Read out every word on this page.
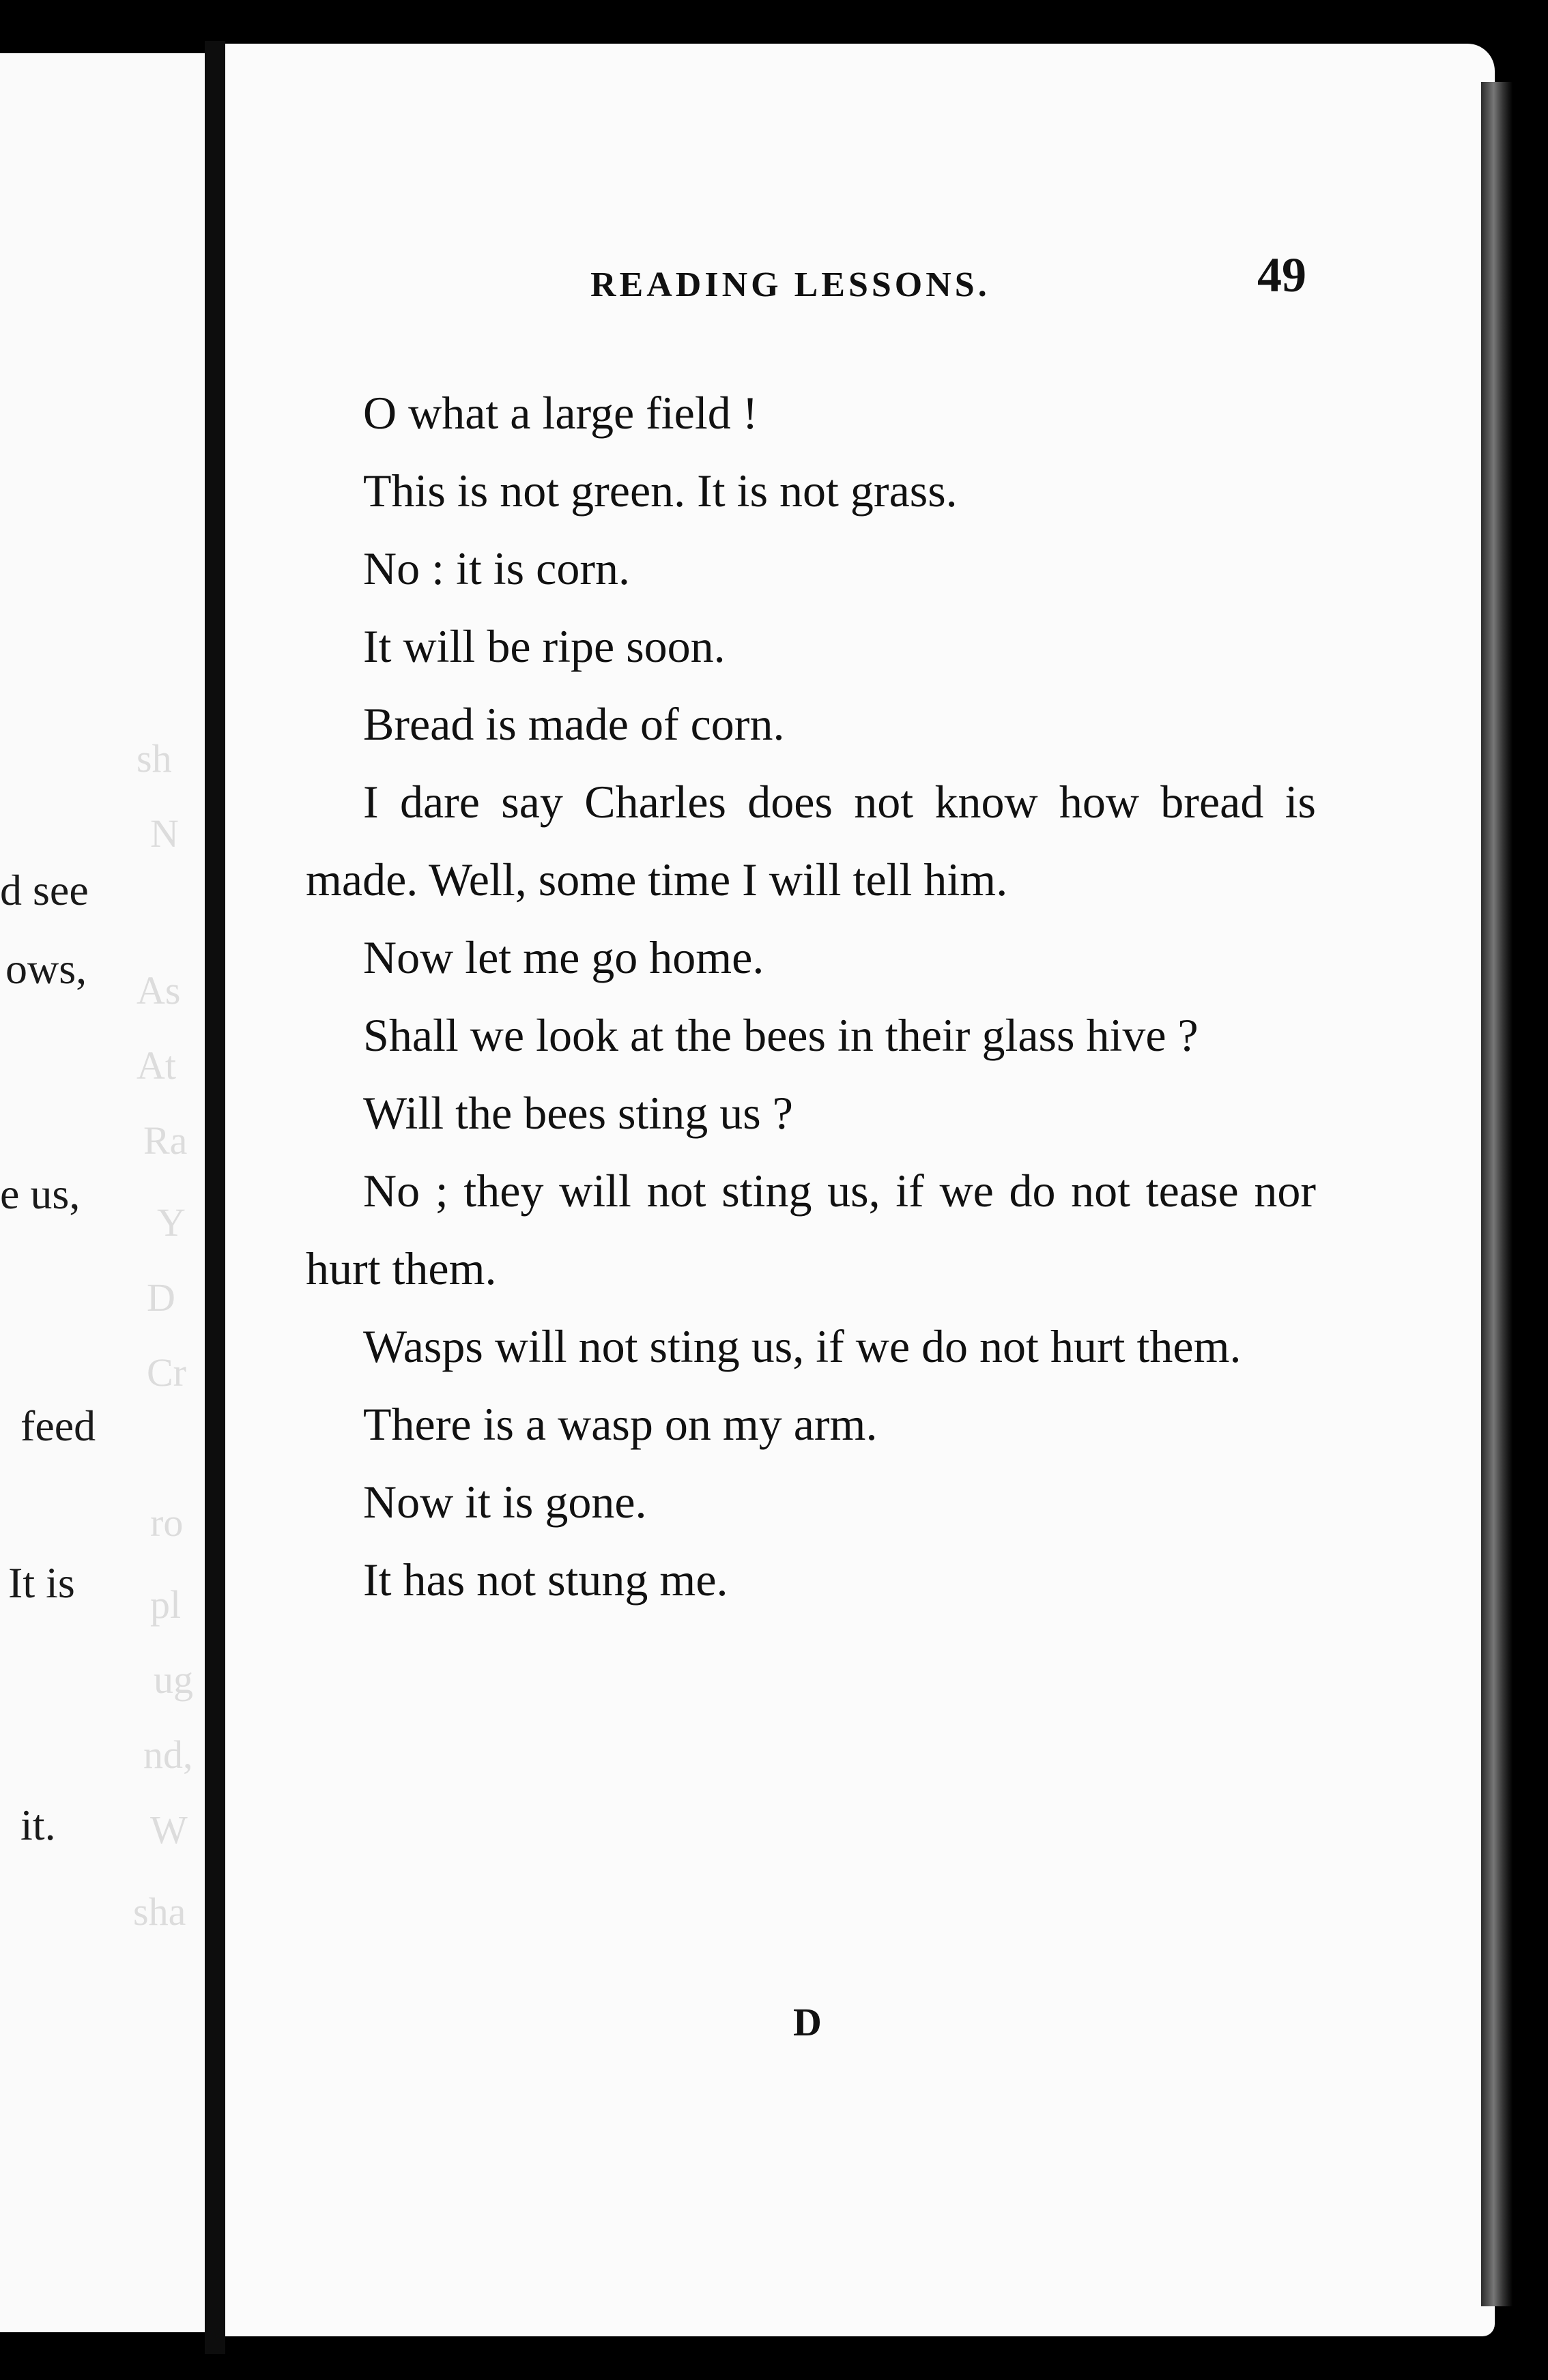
sh
N
As
At
Ra
Y
D
Cr
ro
pl
ug
nd,
W
sha
d see
ows,
e us,
feed
It is
it.
READING LESSONS.	49

O what a large field !

This is not green. It is not grass.

No : it is corn.

It will be ripe soon.

Bread is made of corn.

I dare say Charles does not know how bread is made. Well, some time I will tell him.

Now let me go home.

Shall we look at the bees in their glass hive ?

Will the bees sting us ?

No ; they will not sting us, if we do not tease nor hurt them.

Wasps will not sting us, if we do not hurt them.

There is a wasp on my arm.

Now it is gone.

It has not stung me.

D
